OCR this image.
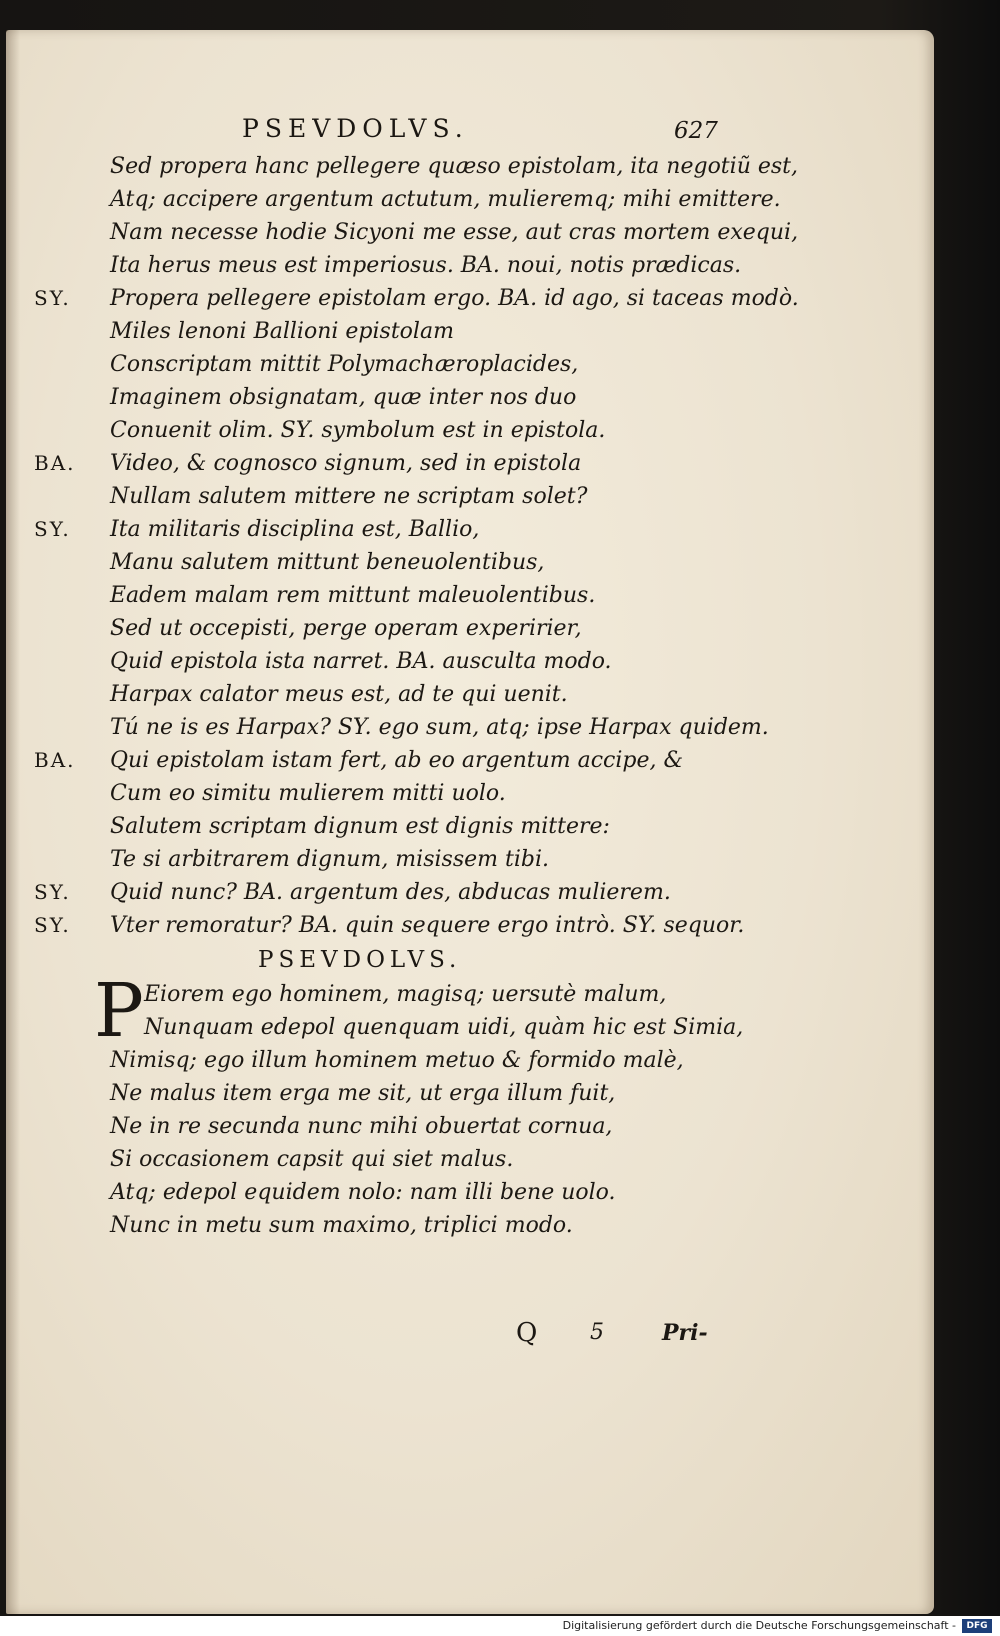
PSEVDOLVS.	627
Sed propera hanc pellegere quæso epistolam, ita negotiũ est,
Atq; accipere argentum actutum, mulieremq; mihi emittere.
Nam necesse hodie Sicyoni me esse, aut cras mortem exequi,
Ita herus meus est imperiosus. BA. noui, notis prædicas.
SY. Propera pellegere epistolam ergo. BA. id ago, si taceas modò.
Miles lenoni Ballioni epistolam
Conscriptam mittit Polymachæroplacides,
Imaginem obsignatam, quæ inter nos duo
Conuenit olim. SY. symbolum est in epistola.
BA. Video, & cognosco signum, sed in epistola
Nullam salutem mittere ne scriptam solet?
SY. Ita militaris disciplina est, Ballio,
Manu salutem mittunt beneuolentibus,
Eadem malam rem mittunt maleuolentibus.
Sed ut occepisti, perge operam experirier,
Quid epistola ista narret. BA. ausculta modo.
Harpax calator meus est, ad te qui uenit.
Tú ne is es Harpax? SY. ego sum, atq; ipse Harpax quidem.
BA. Qui epistolam istam fert, ab eo argentum accipe, &
Cum eo simitu mulierem mitti uolo.
Salutem scriptam dignum est dignis mittere:
Te si arbitrarem dignum, misissem tibi.
SY. Quid nunc? BA. argentum des, abducas mulierem.
SY. Vter remoratur? BA. quin sequere ergo intrò. SY. sequor.
PSEVDOLVS.
P Eiorem ego hominem, magisq; uersutè malum,
Nunquam edepol quenquam uidi, quàm hic est Simia,
Nimisq; ego illum hominem metuo & formido malè,
Ne malus item erga me sit, ut erga illum fuit,
Ne in re secunda nunc mihi obuertat cornua,
Si occasionem capsit qui siet malus.
Atq; edepol equidem nolo: nam illi bene uolo.
Nunc in metu sum maximo, triplici modo.
Q 5	Pri-
Digitalisierung gefördert durch die Deutsche Forschungsgemeinschaft -	DFG
